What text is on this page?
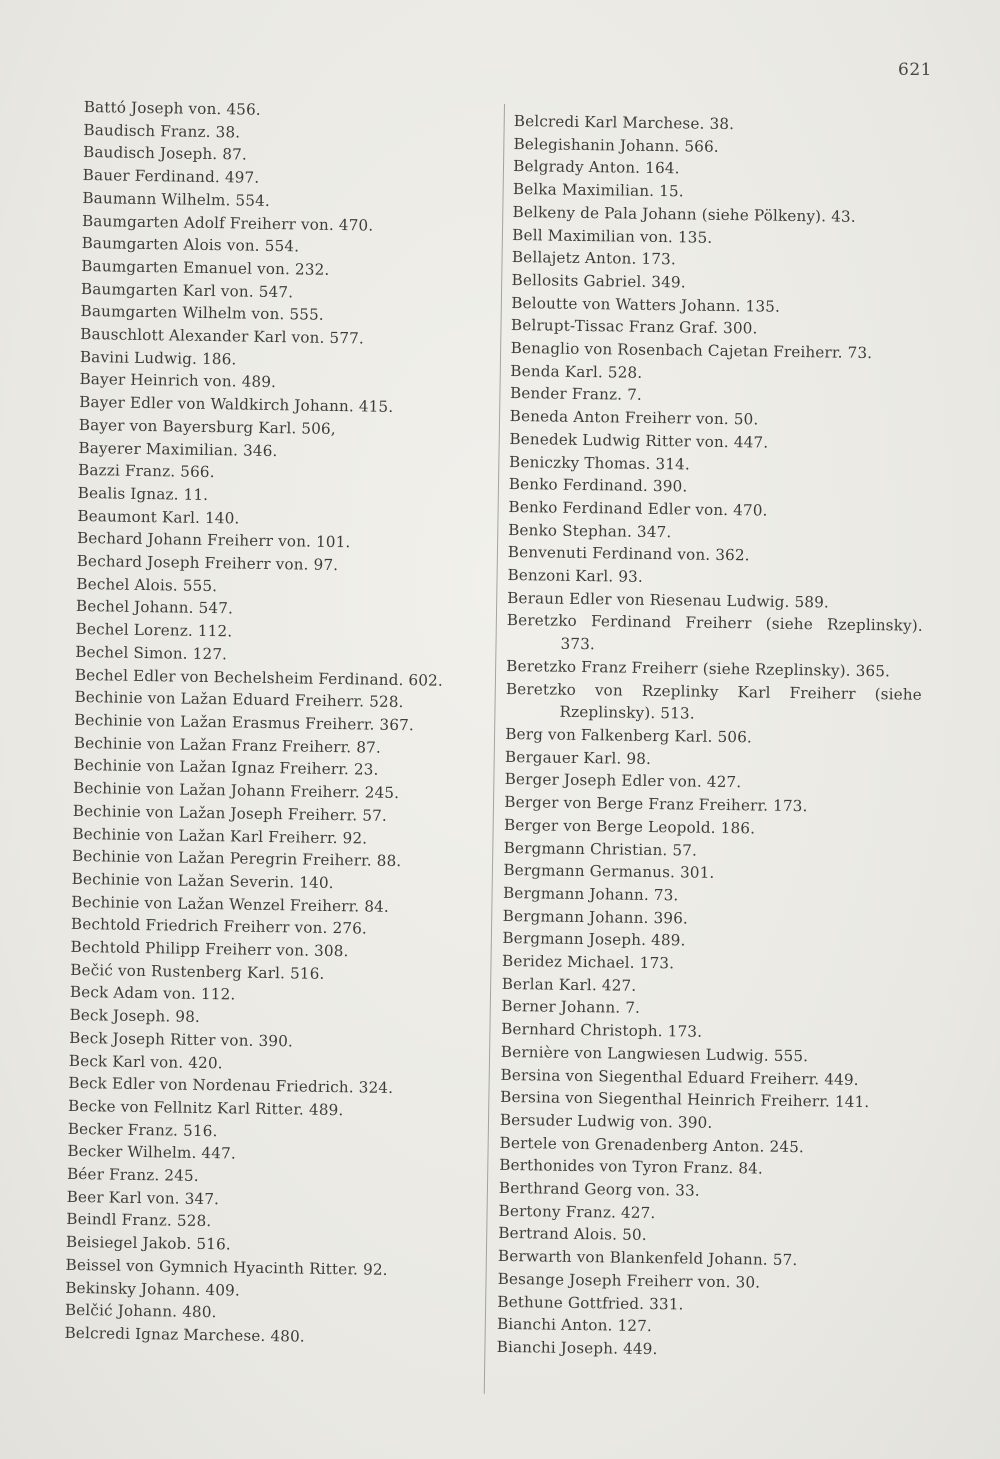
621
Battó Joseph von. 456.
Baudisch Franz. 38.
Baudisch Joseph. 87.
Bauer Ferdinand. 497.
Baumann Wilhelm. 554.
Baumgarten Adolf Freiherr von. 470.
Baumgarten Alois von. 554.
Baumgarten Emanuel von. 232.
Baumgarten Karl von. 547.
Baumgarten Wilhelm von. 555.
Bauschlott Alexander Karl von. 577.
Bavini Ludwig. 186.
Bayer Heinrich von. 489.
Bayer Edler von Waldkirch Johann. 415.
Bayer von Bayersburg Karl. 506,
Bayerer Maximilian. 346.
Bazzi Franz. 566.
Bealis Ignaz. 11.
Beaumont Karl. 140.
Bechard Johann Freiherr von. 101.
Bechard Joseph Freiherr von. 97.
Bechel Alois. 555.
Bechel Johann. 547.
Bechel Lorenz. 112.
Bechel Simon. 127.
Bechel Edler von Bechelsheim Ferdinand. 602.
Bechinie von Lažan Eduard Freiherr. 528.
Bechinie von Lažan Erasmus Freiherr. 367.
Bechinie von Lažan Franz Freiherr. 87.
Bechinie von Lažan Ignaz Freiherr. 23.
Bechinie von Lažan Johann Freiherr. 245.
Bechinie von Lažan Joseph Freiherr. 57.
Bechinie von Lažan Karl Freiherr. 92.
Bechinie von Lažan Peregrin Freiherr. 88.
Bechinie von Lažan Severin. 140.
Bechinie von Lažan Wenzel Freiherr. 84.
Bechtold Friedrich Freiherr von. 276.
Bechtold Philipp Freiherr von. 308.
Bečić von Rustenberg Karl. 516.
Beck Adam von. 112.
Beck Joseph. 98.
Beck Joseph Ritter von. 390.
Beck Karl von. 420.
Beck Edler von Nordenau Friedrich. 324.
Becke von Fellnitz Karl Ritter. 489.
Becker Franz. 516.
Becker Wilhelm. 447.
Béer Franz. 245.
Beer Karl von. 347.
Beindl Franz. 528.
Beisiegel Jakob. 516.
Beissel von Gymnich Hyacinth Ritter. 92.
Bekinsky Johann. 409.
Belčić Johann. 480.
Belcredi Ignaz Marchese. 480.
Belcredi Karl Marchese. 38.
Belegishanin Johann. 566.
Belgrady Anton. 164.
Belka Maximilian. 15.
Belkeny de Pala Johann (siehe Pölkeny). 43.
Bell Maximilian von. 135.
Bellajetz Anton. 173.
Bellosits Gabriel. 349.
Beloutte von Watters Johann. 135.
Belrupt-Tissac Franz Graf. 300.
Benaglio von Rosenbach Cajetan Freiherr. 73.
Benda Karl. 528.
Bender Franz. 7.
Beneda Anton Freiherr von. 50.
Benedek Ludwig Ritter von. 447.
Beniczky Thomas. 314.
Benko Ferdinand. 390.
Benko Ferdinand Edler von. 470.
Benko Stephan. 347.
Benvenuti Ferdinand von. 362.
Benzoni Karl. 93.
Beraun Edler von Riesenau Ludwig. 589.
Beretzko Ferdinand Freiherr (siehe Rzeplinsky). 373.
Beretzko Franz Freiherr (siehe Rzeplinsky). 365.
Beretzko von Rzeplinky Karl Freiherr (siehe Rzeplinsky). 513.
Berg von Falkenberg Karl. 506.
Bergauer Karl. 98.
Berger Joseph Edler von. 427.
Berger von Berge Franz Freiherr. 173.
Berger von Berge Leopold. 186.
Bergmann Christian. 57.
Bergmann Germanus. 301.
Bergmann Johann. 73.
Bergmann Johann. 396.
Bergmann Joseph. 489.
Beridez Michael. 173.
Berlan Karl. 427.
Berner Johann. 7.
Bernhard Christoph. 173.
Bernière von Langwiesen Ludwig. 555.
Bersina von Siegenthal Eduard Freiherr. 449.
Bersina von Siegenthal Heinrich Freiherr. 141.
Bersuder Ludwig von. 390.
Bertele von Grenadenberg Anton. 245.
Berthonides von Tyron Franz. 84.
Berthrand Georg von. 33.
Bertony Franz. 427.
Bertrand Alois. 50.
Berwarth von Blankenfeld Johann. 57.
Besange Joseph Freiherr von. 30.
Bethune Gottfried. 331.
Bianchi Anton. 127.
Bianchi Joseph. 449.
